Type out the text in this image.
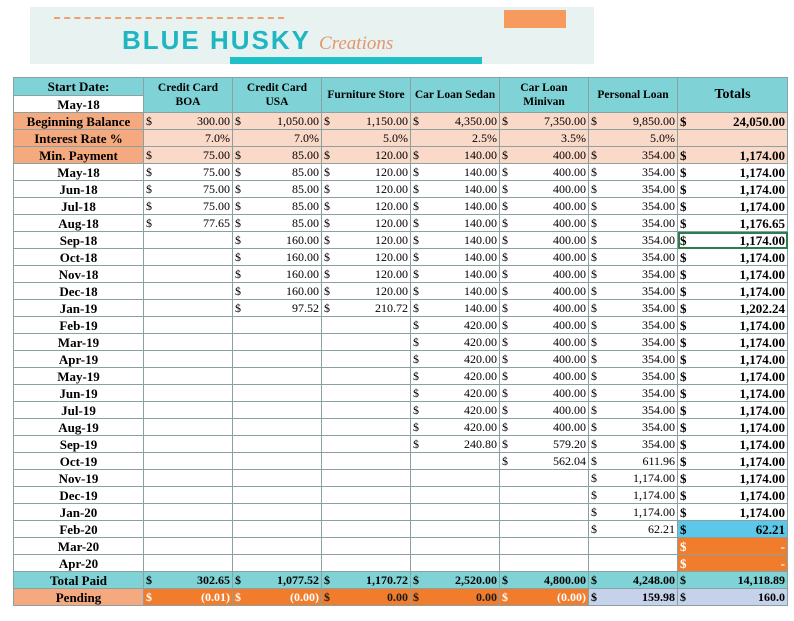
BLUE HUSKY Creations
Start Date:	Credit Card BOA	Credit Card USA	Furniture Store	Car Loan Sedan	Car Loan Minivan	Personal Loan	Totals
May-18							
Beginning Balance	$ 300.00	$ 1,050.00	$ 1,150.00	$ 4,350.00	$ 7,350.00	$ 9,850.00	$ 24,050.00

Interest Rate %	7.0%	7.0%	5.0%	2.5%	3.5%	5.0%	
Min. Payment	$ 75.00	$ 85.00	$ 120.00	$ 140.00	$ 400.00	$ 354.00	$ 1,174.00

May-18	$ 75.00	$ 85.00	$ 120.00	$ 140.00	$ 400.00	$ 354.00	$ 1,174.00

Jun-18	$ 75.00	$ 85.00	$ 120.00	$ 140.00	$ 400.00	$ 354.00	$ 1,174.00

Jul-18	$ 75.00	$ 85.00	$ 120.00	$ 140.00	$ 400.00	$ 354.00	$ 1,174.00

Aug-18	$ 77.65	$ 85.00	$ 120.00	$ 140.00	$ 400.00	$ 354.00	$ 1,176.65

Sep-18		$ 160.00	$ 120.00	$ 140.00	$ 400.00	$ 354.00	$ 1,174.00

Oct-18		$ 160.00	$ 120.00	$ 140.00	$ 400.00	$ 354.00	$ 1,174.00

Nov-18		$ 160.00	$ 120.00	$ 140.00	$ 400.00	$ 354.00	$ 1,174.00

Dec-18		$ 160.00	$ 120.00	$ 140.00	$ 400.00	$ 354.00	$ 1,174.00

Jan-19		$ 97.52	$ 210.72	$ 140.00	$ 400.00	$ 354.00	$ 1,202.24

Feb-19				$ 420.00	$ 400.00	$ 354.00	$ 1,174.00

Mar-19				$ 420.00	$ 400.00	$ 354.00	$ 1,174.00

Apr-19				$ 420.00	$ 400.00	$ 354.00	$ 1,174.00

May-19				$ 420.00	$ 400.00	$ 354.00	$ 1,174.00

Jun-19				$ 420.00	$ 400.00	$ 354.00	$ 1,174.00

Jul-19				$ 420.00	$ 400.00	$ 354.00	$ 1,174.00

Aug-19				$ 420.00	$ 400.00	$ 354.00	$ 1,174.00

Sep-19				$ 240.80	$ 579.20	$ 354.00	$ 1,174.00

Oct-19					$ 562.04	$ 611.96	$ 1,174.00

Nov-19						$ 1,174.00	$ 1,174.00

Dec-19						$ 1,174.00	$ 1,174.00

Jan-20						$ 1,174.00	$ 1,174.00

Feb-20						$ 62.21	$ 62.21

Mar-20							$ -

Apr-20							$ -

Total Paid	$ 302.65	$ 1,077.52	$ 1,170.72	$ 2,520.00	$ 4,800.00	$ 4,248.00	$ 14,118.89

Pending	$ (0.01)	$ (0.00)	$ 0.00	$ 0.00	$ (0.00)	$ 159.98	$ 160.0
